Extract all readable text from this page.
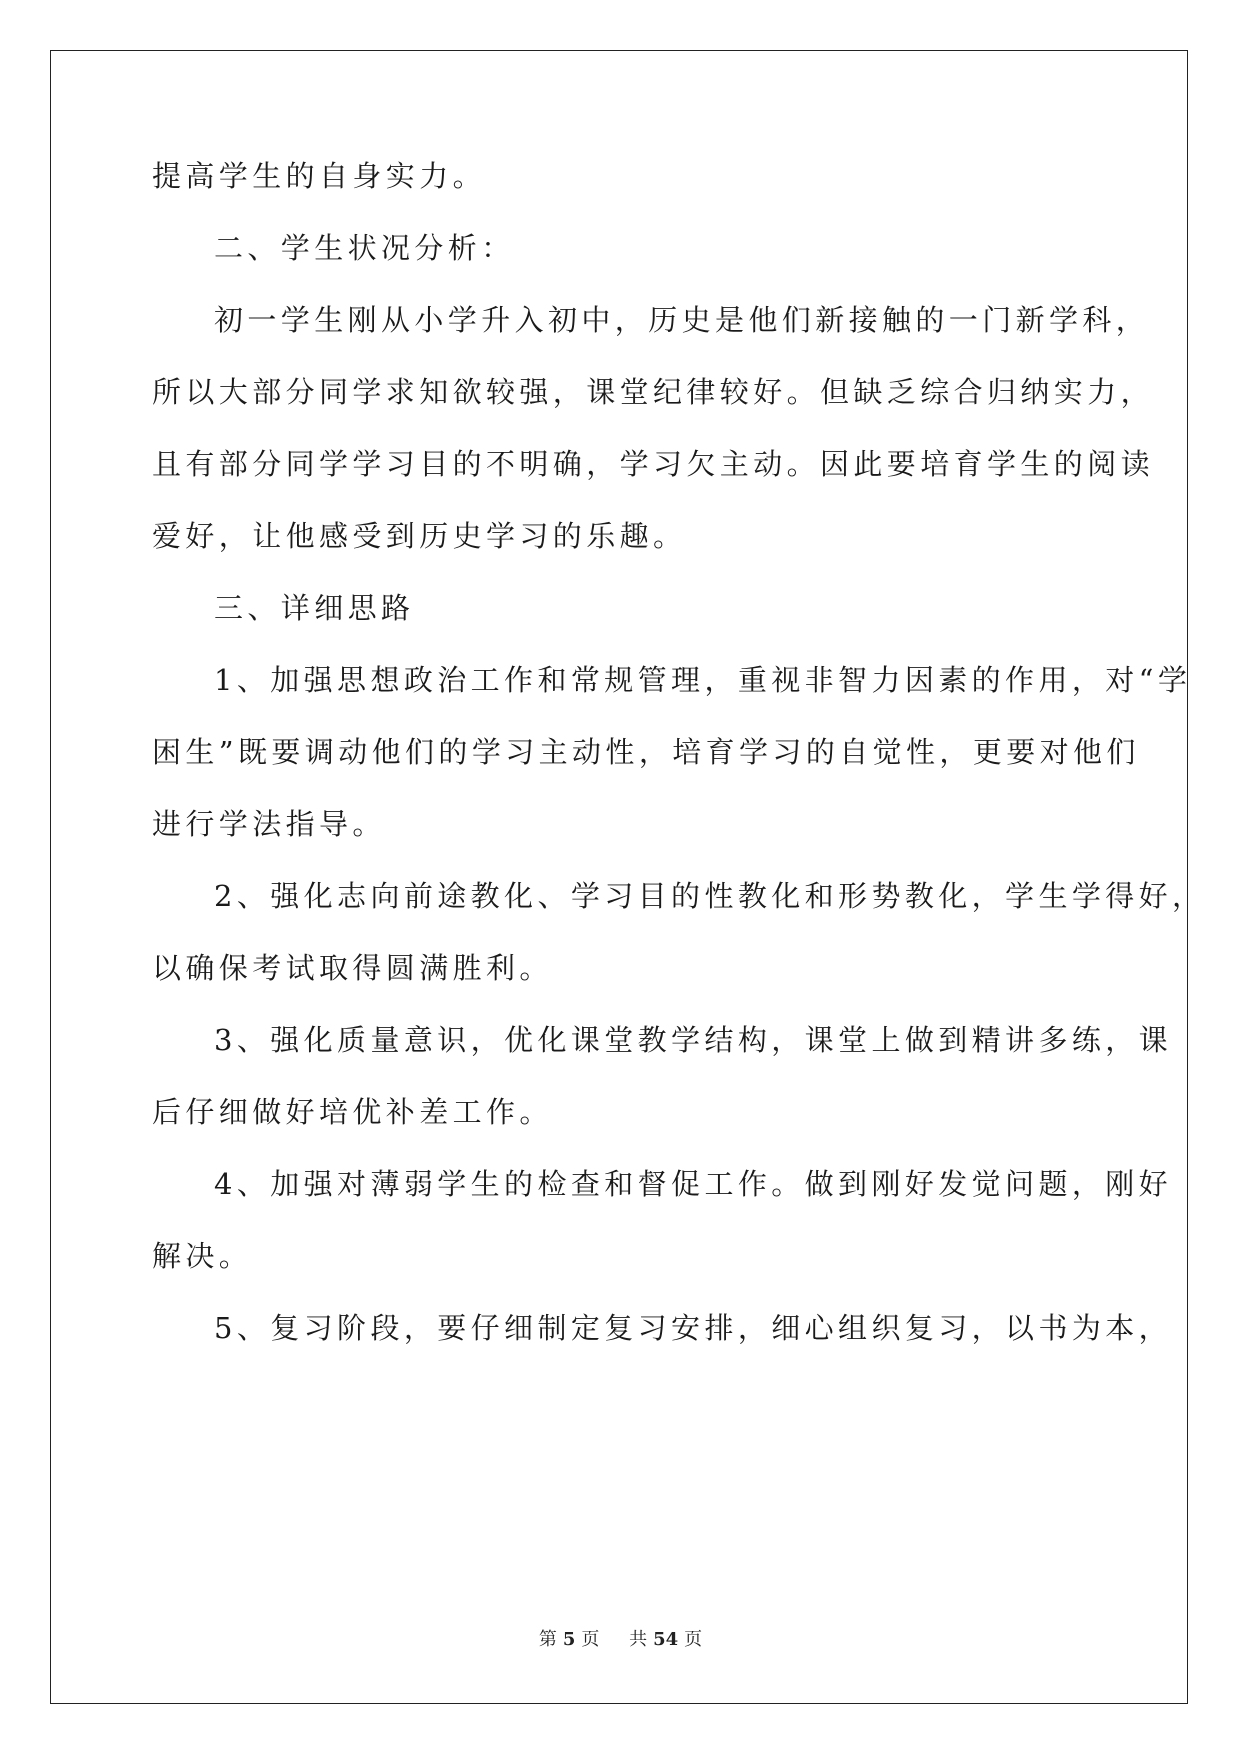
提高学生的自身实力。
二、学生状况分析：
初一学生刚从小学升入初中，历史是他们新接触的一门新学科，
所以大部分同学求知欲较强，课堂纪律较好。但缺乏综合归纳实力，
且有部分同学学习目的不明确，学习欠主动。因此要培育学生的阅读
爱好，让他感受到历史学习的乐趣。
三、详细思路
1、加强思想政治工作和常规管理，重视非智力因素的作用，对“学
困生”既要调动他们的学习主动性，培育学习的自觉性，更要对他们
进行学法指导。
2、强化志向前途教化、学习目的性教化和形势教化，学生学得好，
以确保考试取得圆满胜利。
3、强化质量意识，优化课堂教学结构，课堂上做到精讲多练，课
后仔细做好培优补差工作。
4、加强对薄弱学生的检查和督促工作。做到刚好发觉问题，刚好
解决。
5、复习阶段，要仔细制定复习安排，细心组织复习，以书为本，
第 5 页 共 54 页
